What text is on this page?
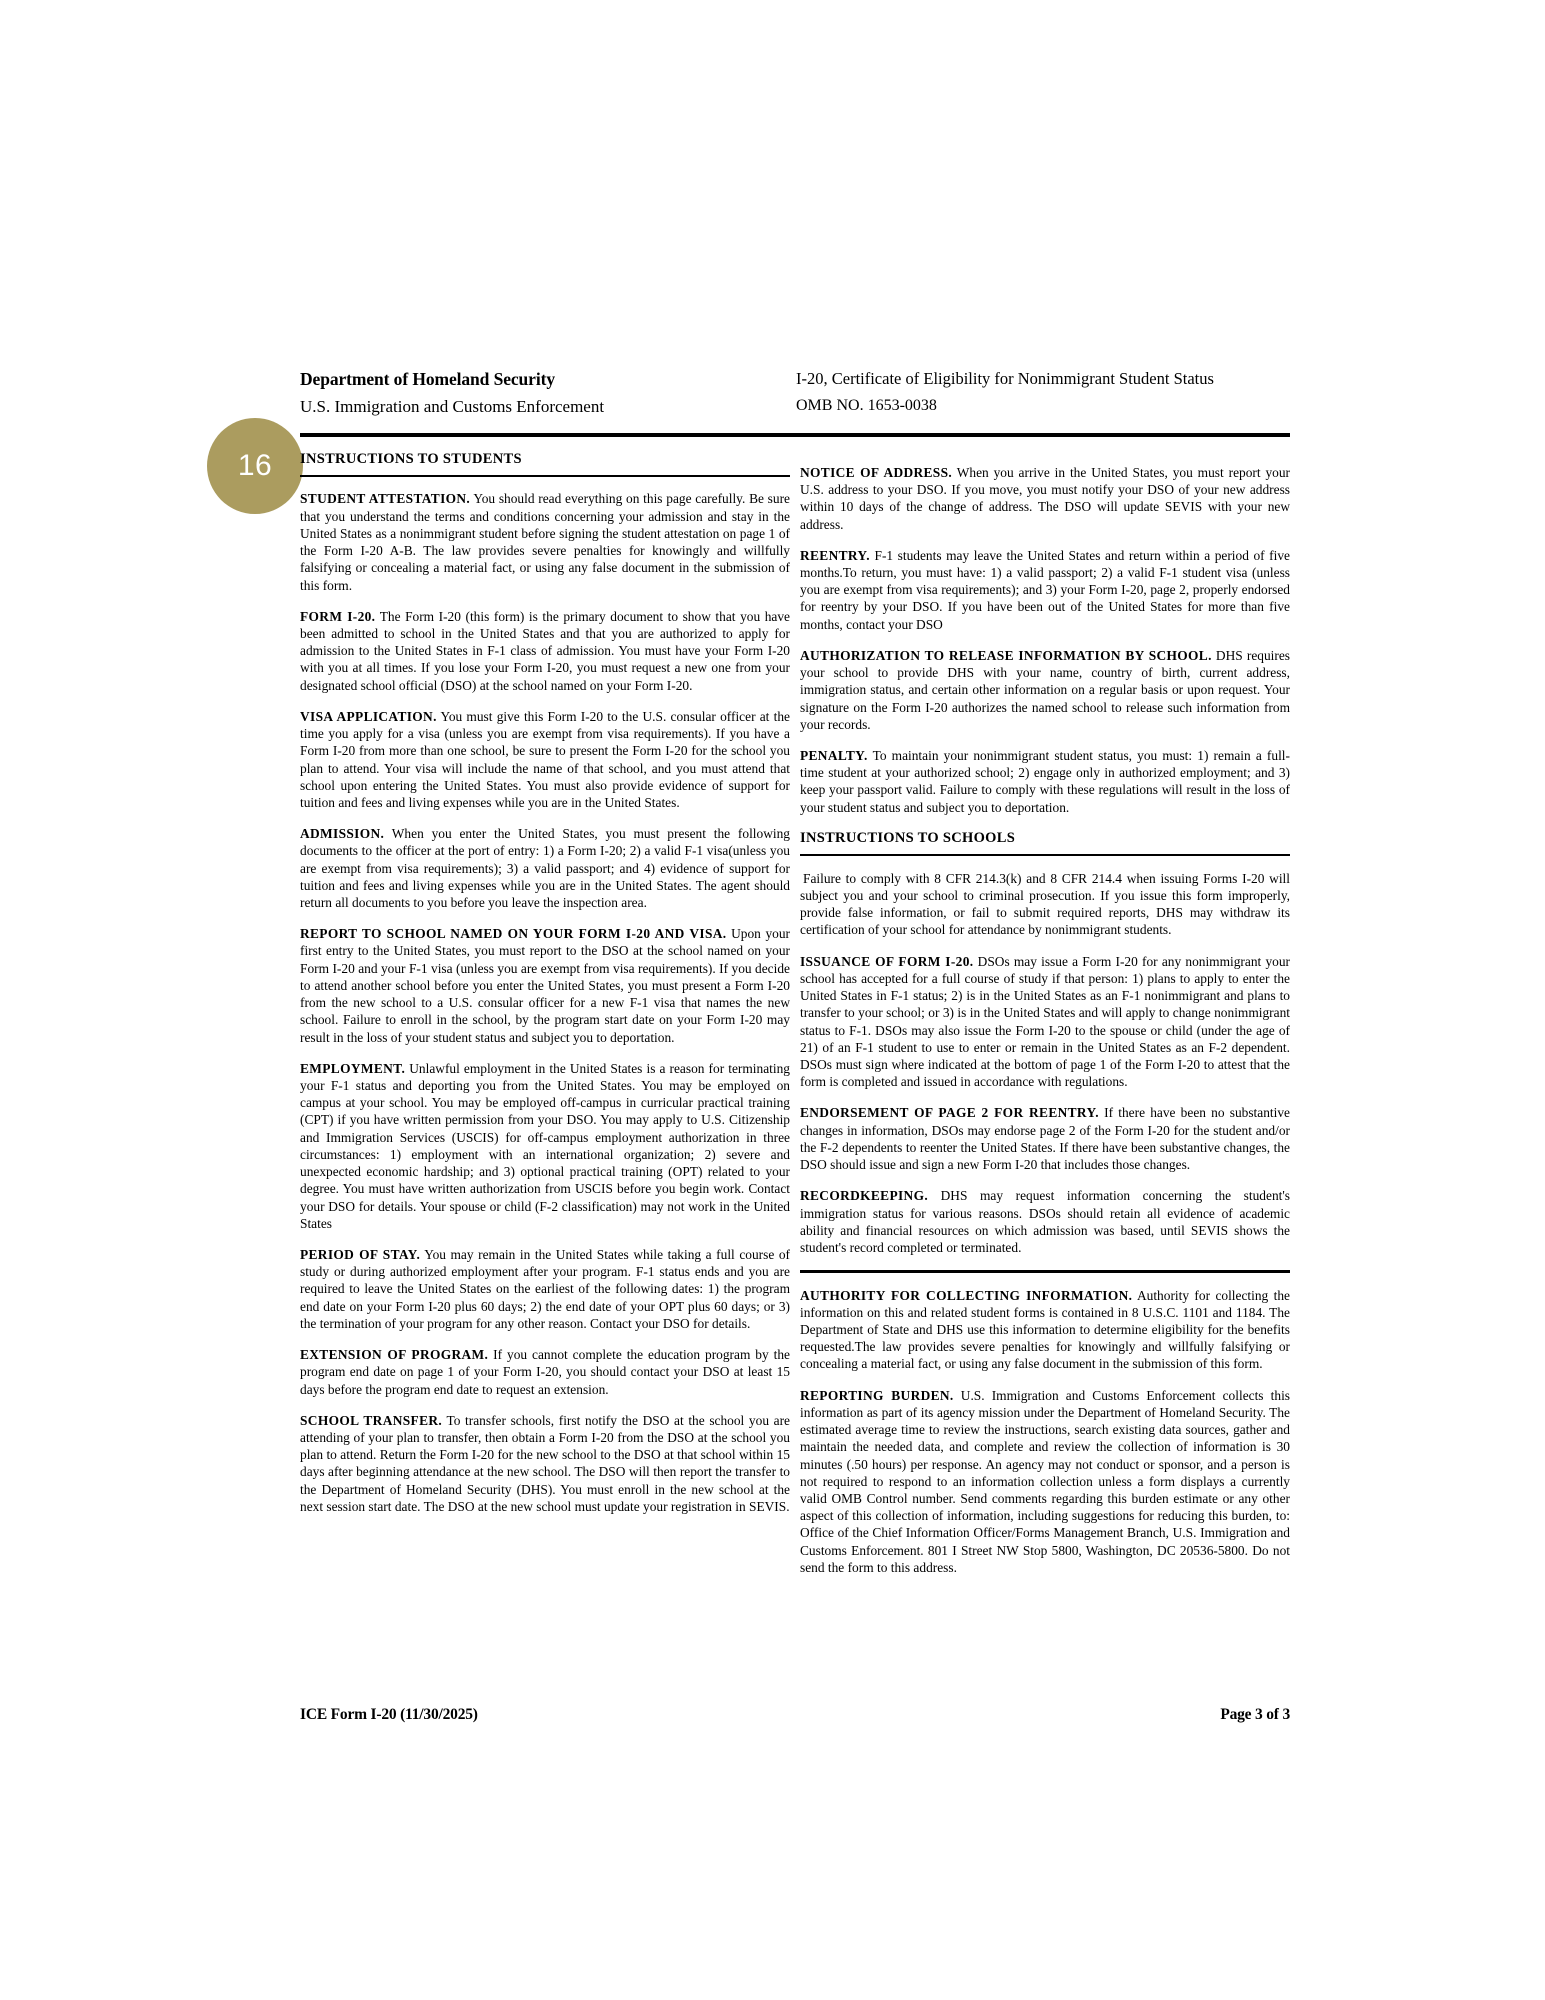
16
Department of Homeland Security
U.S. Immigration and Customs Enforcement
I-20, Certificate of Eligibility for Nonimmigrant Student Status
OMB NO. 1653-0038
INSTRUCTIONS TO STUDENTS

STUDENT ATTESTATION. You should read everything on this page carefully. Be sure that you understand the terms and conditions concerning your admission and stay in the United States as a nonimmigrant student before signing the student attestation on page 1 of the Form I-20 A-B. The law provides severe penalties for knowingly and willfully falsifying or concealing a material fact, or using any false document in the submission of this form.

FORM I-20. The Form I-20 (this form) is the primary document to show that you have been admitted to school in the United States and that you are authorized to apply for admission to the United States in F-1 class of admission. You must have your Form I-20 with you at all times. If you lose your Form I-20, you must request a new one from your designated school official (DSO) at the school named on your Form I-20.

VISA APPLICATION. You must give this Form I-20 to the U.S. consular officer at the time you apply for a visa (unless you are exempt from visa requirements). If you have a Form I-20 from more than one school, be sure to present the Form I-20 for the school you plan to attend. Your visa will include the name of that school, and you must attend that school upon entering the United States. You must also provide evidence of support for tuition and fees and living expenses while you are in the United States.

ADMISSION. When you enter the United States, you must present the following documents to the officer at the port of entry: 1) a Form I-20; 2) a valid F-1 visa(unless you are exempt from visa requirements); 3) a valid passport; and 4) evidence of support for tuition and fees and living expenses while you are in the United States. The agent should return all documents to you before you leave the inspection area.

REPORT TO SCHOOL NAMED ON YOUR FORM I-20 AND VISA. Upon your first entry to the United States, you must report to the DSO at the school named on your Form I-20 and your F-1 visa (unless you are exempt from visa requirements). If you decide to attend another school before you enter the United States, you must present a Form I-20 from the new school to a U.S. consular officer for a new F-1 visa that names the new school. Failure to enroll in the school, by the program start date on your Form I-20 may result in the loss of your student status and subject you to deportation.

EMPLOYMENT. Unlawful employment in the United States is a reason for terminating your F-1 status and deporting you from the United States. You may be employed on campus at your school. You may be employed off-campus in curricular practical training (CPT) if you have written permission from your DSO. You may apply to U.S. Citizenship and Immigration Services (USCIS) for off-campus employment authorization in three circumstances: 1) employment with an international organization; 2) severe and unexpected economic hardship; and 3) optional practical training (OPT) related to your degree. You must have written authorization from USCIS before you begin work. Contact your DSO for details. Your spouse or child (F-2 classification) may not work in the United States

PERIOD OF STAY. You may remain in the United States while taking a full course of study or during authorized employment after your program. F-1 status ends and you are required to leave the United States on the earliest of the following dates: 1) the program end date on your Form I-20 plus 60 days; 2) the end date of your OPT plus 60 days; or 3) the termination of your program for any other reason. Contact your DSO for details.

EXTENSION OF PROGRAM. If you cannot complete the education program by the program end date on page 1 of your Form I-20, you should contact your DSO at least 15 days before the program end date to request an extension.

SCHOOL TRANSFER. To transfer schools, first notify the DSO at the school you are attending of your plan to transfer, then obtain a Form I-20 from the DSO at the school you plan to attend. Return the Form I-20 for the new school to the DSO at that school within 15 days after beginning attendance at the new school. The DSO will then report the transfer to the Department of Homeland Security (DHS). You must enroll in the new school at the next session start date. The DSO at the new school must update your registration in SEVIS.

NOTICE OF ADDRESS. When you arrive in the United States, you must report your U.S. address to your DSO. If you move, you must notify your DSO of your new address within 10 days of the change of address. The DSO will update SEVIS with your new address.

REENTRY. F-1 students may leave the United States and return within a period of five months.To return, you must have: 1) a valid passport; 2) a valid F-1 student visa (unless you are exempt from visa requirements); and 3) your Form I-20, page 2, properly endorsed for reentry by your DSO. If you have been out of the United States for more than five months, contact your DSO

AUTHORIZATION TO RELEASE INFORMATION BY SCHOOL. DHS requires your school to provide DHS with your name, country of birth, current address, immigration status, and certain other information on a regular basis or upon request. Your signature on the Form I-20 authorizes the named school to release such information from your records.

PENALTY. To maintain your nonimmigrant student status, you must: 1) remain a full-time student at your authorized school; 2) engage only in authorized employment; and 3) keep your passport valid. Failure to comply with these regulations will result in the loss of your student status and subject you to deportation.

INSTRUCTIONS TO SCHOOLS

Failure to comply with 8 CFR 214.3(k) and 8 CFR 214.4 when issuing Forms I-20 will subject you and your school to criminal prosecution. If you issue this form improperly, provide false information, or fail to submit required reports, DHS may withdraw its certification of your school for attendance by nonimmigrant students.

ISSUANCE OF FORM I-20. DSOs may issue a Form I-20 for any nonimmigrant your school has accepted for a full course of study if that person: 1) plans to apply to enter the United States in F-1 status; 2) is in the United States as an F-1 nonimmigrant and plans to transfer to your school; or 3) is in the United States and will apply to change nonimmigrant status to F-1. DSOs may also issue the Form I-20 to the spouse or child (under the age of 21) of an F-1 student to use to enter or remain in the United States as an F-2 dependent. DSOs must sign where indicated at the bottom of page 1 of the Form I-20 to attest that the form is completed and issued in accordance with regulations.

ENDORSEMENT OF PAGE 2 FOR REENTRY. If there have been no substantive changes in information, DSOs may endorse page 2 of the Form I-20 for the student and/or the F-2 dependents to reenter the United States. If there have been substantive changes, the DSO should issue and sign a new Form I-20 that includes those changes.

RECORDKEEPING. DHS may request information concerning the student's immigration status for various reasons. DSOs should retain all evidence of academic ability and financial resources on which admission was based, until SEVIS shows the student's record completed or terminated.

AUTHORITY FOR COLLECTING INFORMATION. Authority for collecting the information on this and related student forms is contained in 8 U.S.C. 1101 and 1184. The Department of State and DHS use this information to determine eligibility for the benefits requested.The law provides severe penalties for knowingly and willfully falsifying or concealing a material fact, or using any false document in the submission of this form.

REPORTING BURDEN. U.S. Immigration and Customs Enforcement collects this information as part of its agency mission under the Department of Homeland Security. The estimated average time to review the instructions, search existing data sources, gather and maintain the needed data, and complete and review the collection of information is 30 minutes (.50 hours) per response. An agency may not conduct or sponsor, and a person is not required to respond to an information collection unless a form displays a currently valid OMB Control number. Send comments regarding this burden estimate or any other aspect of this collection of information, including suggestions for reducing this burden, to: Office of the Chief Information Officer/Forms Management Branch, U.S. Immigration and Customs Enforcement. 801 I Street NW Stop 5800, Washington, DC 20536-5800. Do not send the form to this address.

ICE Form I-20 (11/30/2025)	Page 3 of 3
